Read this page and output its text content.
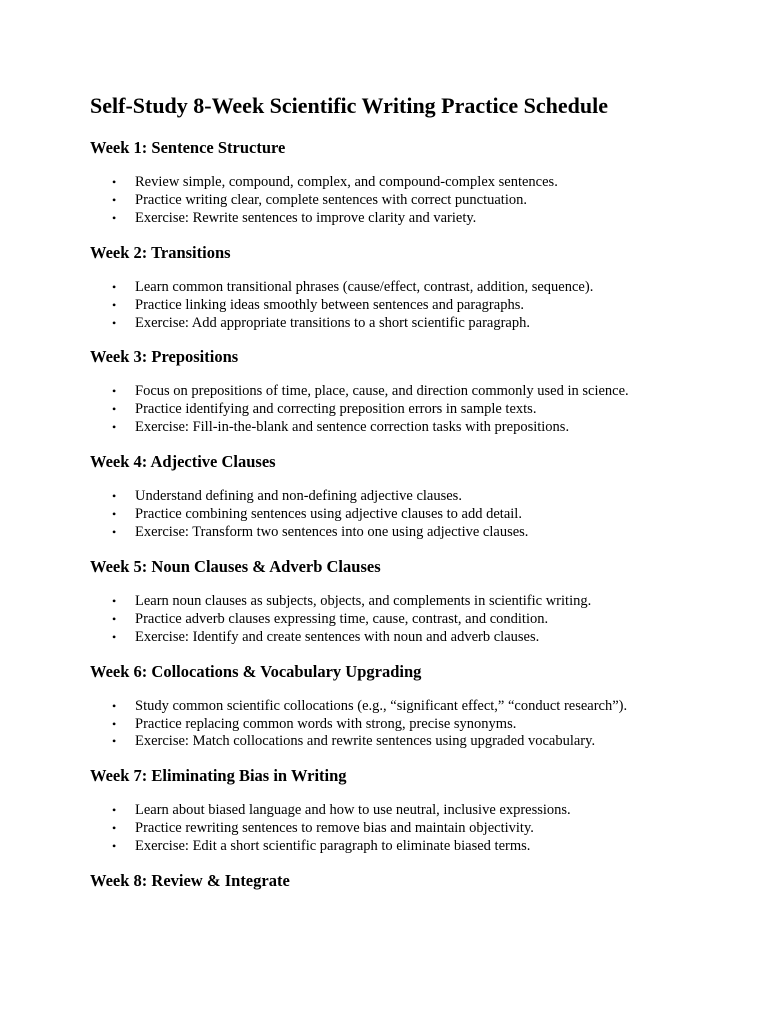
Self-Study 8-Week Scientific Writing Practice Schedule
Week 1: Sentence Structure
• Review simple, compound, complex, and compound-complex sentences.
• Practice writing clear, complete sentences with correct punctuation.
• Exercise: Rewrite sentences to improve clarity and variety.
Week 2: Transitions
• Learn common transitional phrases (cause/effect, contrast, addition, sequence).
• Practice linking ideas smoothly between sentences and paragraphs.
• Exercise: Add appropriate transitions to a short scientific paragraph.
Week 3: Prepositions
• Focus on prepositions of time, place, cause, and direction commonly used in science.
• Practice identifying and correcting preposition errors in sample texts.
• Exercise: Fill-in-the-blank and sentence correction tasks with prepositions.
Week 4: Adjective Clauses
• Understand defining and non-defining adjective clauses.
• Practice combining sentences using adjective clauses to add detail.
• Exercise: Transform two sentences into one using adjective clauses.
Week 5: Noun Clauses & Adverb Clauses
• Learn noun clauses as subjects, objects, and complements in scientific writing.
• Practice adverb clauses expressing time, cause, contrast, and condition.
• Exercise: Identify and create sentences with noun and adverb clauses.
Week 6: Collocations & Vocabulary Upgrading
• Study common scientific collocations (e.g., “significant effect,” “conduct research”).
• Practice replacing common words with strong, precise synonyms.
• Exercise: Match collocations and rewrite sentences using upgraded vocabulary.
Week 7: Eliminating Bias in Writing
• Learn about biased language and how to use neutral, inclusive expressions.
• Practice rewriting sentences to remove bias and maintain objectivity.
• Exercise: Edit a short scientific paragraph to eliminate biased terms.
Week 8: Review & Integrate
